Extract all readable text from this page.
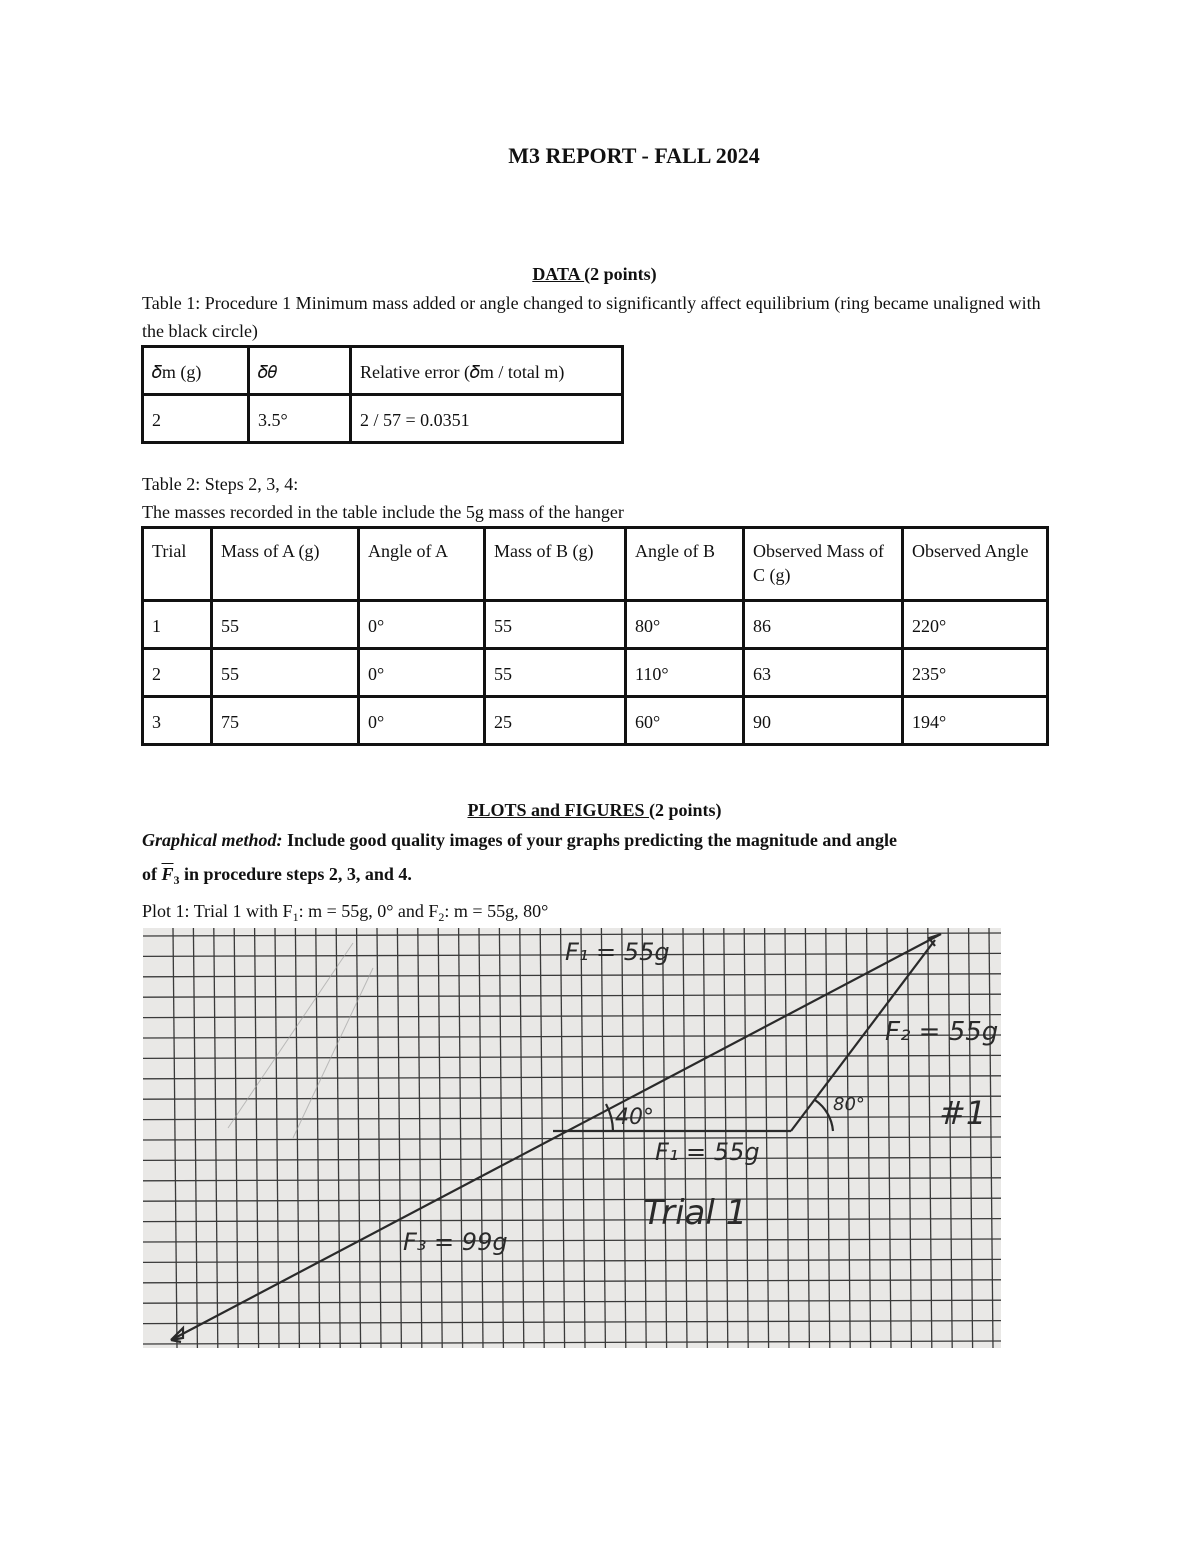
M3 REPORT - FALL 2024
DATA (2 points)
Table 1: Procedure 1 Minimum mass added or angle changed to significantly affect equilibrium (ring became unaligned with the black circle)
𝛿m (g)	𝛿𝜃	Relative error (𝛿m / total m)
2	3.5°	2 / 57 = 0.0351
Table 2: Steps 2, 3, 4:
The masses recorded in the table include the 5g mass of the hanger
Trial	Mass of A (g)	Angle of A	Mass of B (g)	Angle of B	Observed Mass of C (g)	Observed Angle
1	55	0°	55	80°	86	220°
2	55	0°	55	110°	63	235°
3	75	0°	25	60°	90	194°
PLOTS and FIGURES (2 points)
Graphical method: Include good quality images of your graphs predicting the magnitude and angle
of $\overline{F}_3$ in procedure steps 2, 3, and 4.
Plot 1: Trial 1 with $F_1$: m = 55g, 0° and $F_2$: m = 55g, 80°
F₁ = 55g
F₂ = 55g
40°
80°
F₁ = 55g
Trial 1
F₃ = 99g
#1
